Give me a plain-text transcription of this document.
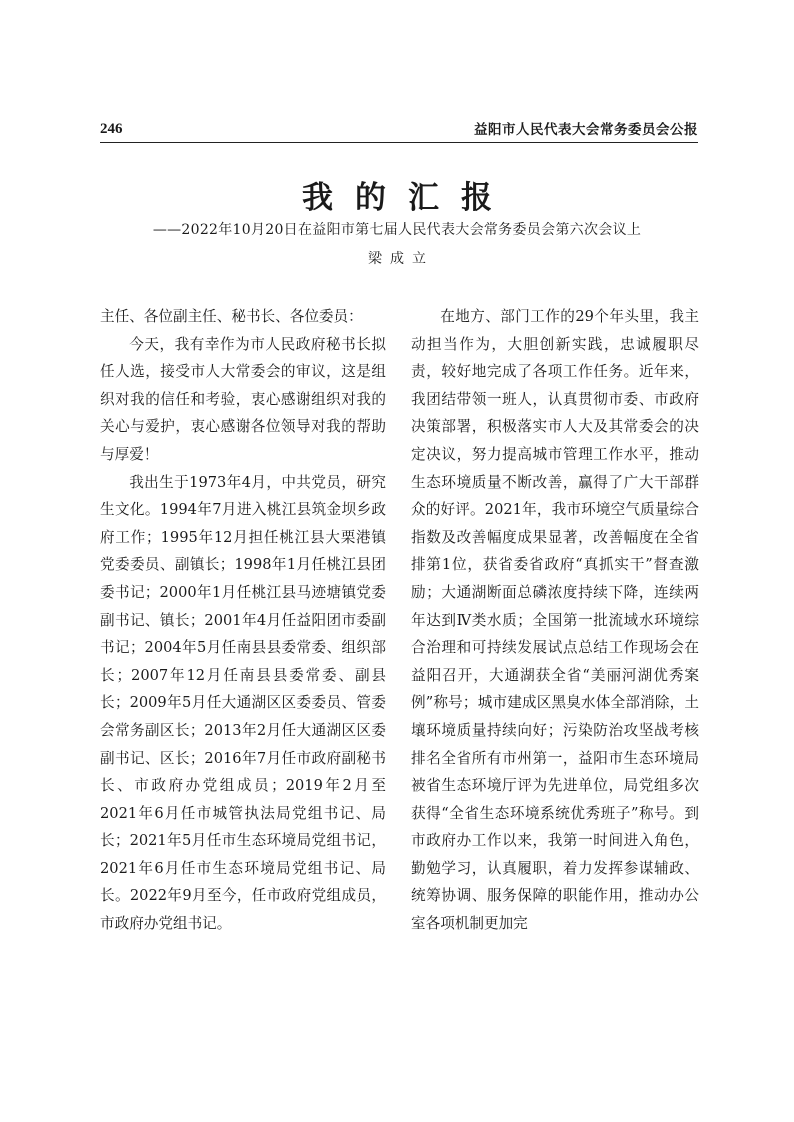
246	益阳市人民代表大会常务委员会公报
我的汇报
——2022年10月20日在益阳市第七届人民代表大会常务委员会第六次会议上
梁成立

主任、各位副主任、秘书长、各位委员：

今天，我有幸作为市人民政府秘书长拟任人选，接受市人大常委会的审议，这是组织对我的信任和考验，衷心感谢组织对我的关心与爱护，衷心感谢各位领导对我的帮助与厚爱！

我出生于1973年4月，中共党员，研究生文化。1994年7月进入桃江县筑金坝乡政府工作；1995年12月担任桃江县大栗港镇党委委员、副镇长；1998年1月任桃江县团委书记；2000年1月任桃江县马迹塘镇党委副书记、镇长；2001年4月任益阳团市委副书记；2004年5月任南县县委常委、组织部长；2007年12月任南县县委常委、副县长；2009年5月任大通湖区区委委员、管委会常务副区长；2013年2月任大通湖区区委副书记、区长；2016年7月任市政府副秘书长、市政府办党组成员；2019年2月至2021年6月任市城管执法局党组书记、局长；2021年5月任市生态环境局党组书记，2021年6月任市生态环境局党组书记、局长。2022年9月至今，任市政府党组成员，市政府办党组书记。

在地方、部门工作的29个年头里，我主动担当作为，大胆创新实践，忠诚履职尽责，较好地完成了各项工作任务。近年来，我团结带领一班人，认真贯彻市委、市政府决策部署，积极落实市人大及其常委会的决定决议，努力提高城市管理工作水平，推动生态环境质量不断改善，赢得了广大干部群众的好评。2021年，我市环境空气质量综合指数及改善幅度成果显著，改善幅度在全省排第1位，获省委省政府“真抓实干”督查激励；大通湖断面总磷浓度持续下降，连续两年达到Ⅳ类水质；全国第一批流域水环境综合治理和可持续发展试点总结工作现场会在益阳召开，大通湖获全省“美丽河湖优秀案例”称号；城市建成区黑臭水体全部消除，土壤环境质量持续向好；污染防治攻坚战考核排名全省所有市州第一，益阳市生态环境局被省生态环境厅评为先进单位，局党组多次获得“全省生态环境系统优秀班子”称号。到市政府办工作以来，我第一时间进入角色，勤勉学习，认真履职，着力发挥参谋辅政、统筹协调、服务保障的职能作用，推动办公室各项机制更加完
